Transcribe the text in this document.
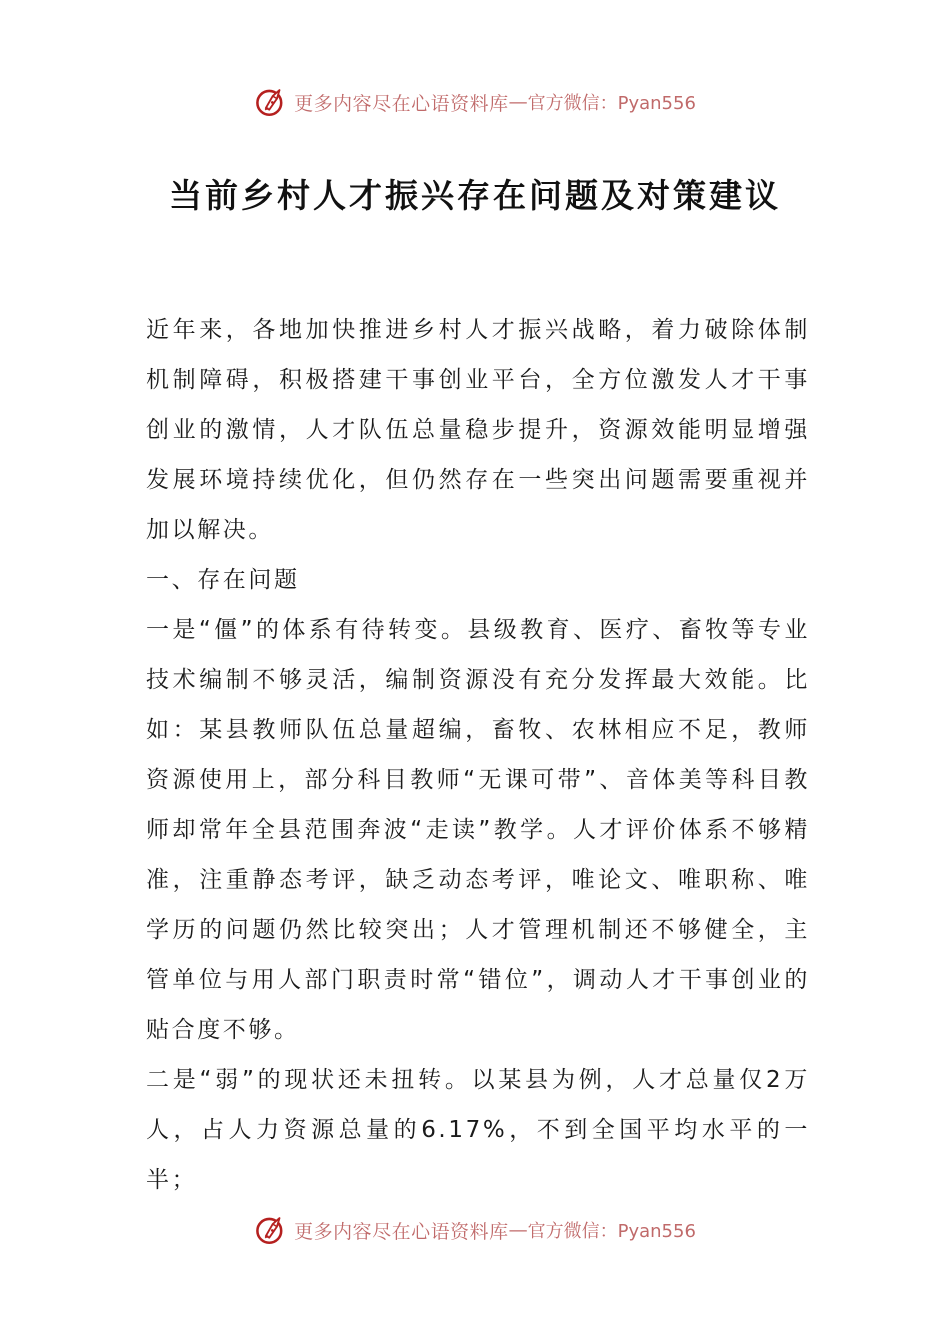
更多内容尽在心语资料库 — 官方微信：Pyan556
当前乡村人才振兴存在问题及对策建议

近年来，各地加快推进乡村人才振兴战略，着力破除体制机制障碍，积极搭建干事创业平台，全方位激发人才干事创业的激情，人才队伍总量稳步提升，资源效能明显增强发展环境持续优化，但仍然存在一些突出问题需要重视并加以解决。

一、存在问题

一是“僵”的体系有待转变。县级教育、医疗、畜牧等专业技术编制不够灵活，编制资源没有充分发挥最大效能。比如：某县教师队伍总量超编，畜牧、农林相应不足，教师资源使用上，部分科目教师“无课可带”、音体美等科目教师却常年全县范围奔波“走读”教学。人才评价体系不够精准，注重静态考评，缺乏动态考评，唯论文、唯职称、唯学历的问题仍然比较突出；人才管理机制还不够健全，主管单位与用人部门职责时常“错位”，调动人才干事创业的贴合度不够。

二是“弱”的现状还未扭转。以某县为例，人才总量仅2万人，占人力资源总量的6.17%，不到全国平均水平的一半；

更多内容尽在心语资料库 — 官方微信：Pyan556
